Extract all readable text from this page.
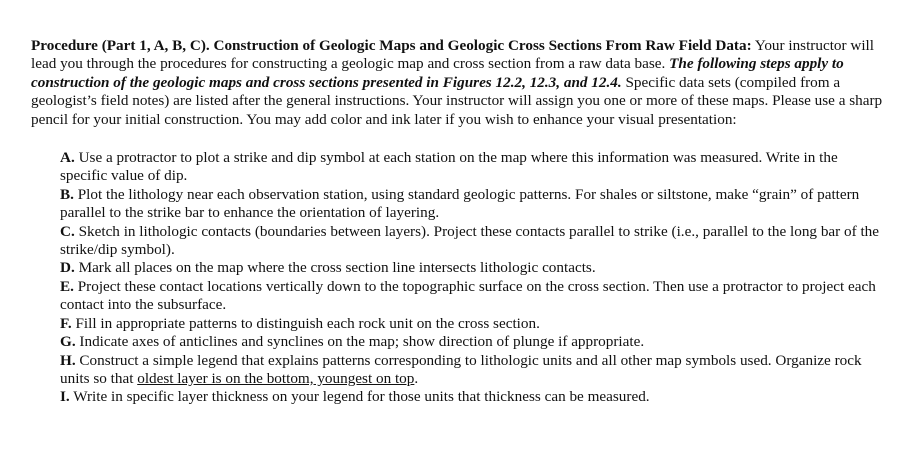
Procedure (Part 1, A, B, C). Construction of Geologic Maps and Geologic Cross Sections From Raw Field Data: Your instructor will lead you through the procedures for constructing a geologic map and cross section from a raw data base. The following steps apply to construction of the geologic maps and cross sections presented in Figures 12.2, 12.3, and 12.4. Specific data sets (compiled from a geologist’s field notes) are listed after the general instructions. Your instructor will assign you one or more of these maps. Please use a sharp pencil for your initial construction. You may add color and ink later if you wish to enhance your visual presentation:

A. Use a protractor to plot a strike and dip symbol at each station on the map where this information was measured. Write in the specific value of dip.
B. Plot the lithology near each observation station, using standard geologic patterns. For shales or siltstone, make “grain” of pattern parallel to the strike bar to enhance the orientation of layering.
C. Sketch in lithologic contacts (boundaries between layers). Project these contacts parallel to strike (i.e., parallel to the long bar of the strike/dip symbol).
D. Mark all places on the map where the cross section line intersects lithologic contacts.
E. Project these contact locations vertically down to the topographic surface on the cross section. Then use a protractor to project each contact into the subsurface.
F. Fill in appropriate patterns to distinguish each rock unit on the cross section.
G. Indicate axes of anticlines and synclines on the map; show direction of plunge if appropriate.
H. Construct a simple legend that explains patterns corresponding to lithologic units and all other map symbols used. Organize rock units so that oldest layer is on the bottom, youngest on top.
I. Write in specific layer thickness on your legend for those units that thickness can be measured.
